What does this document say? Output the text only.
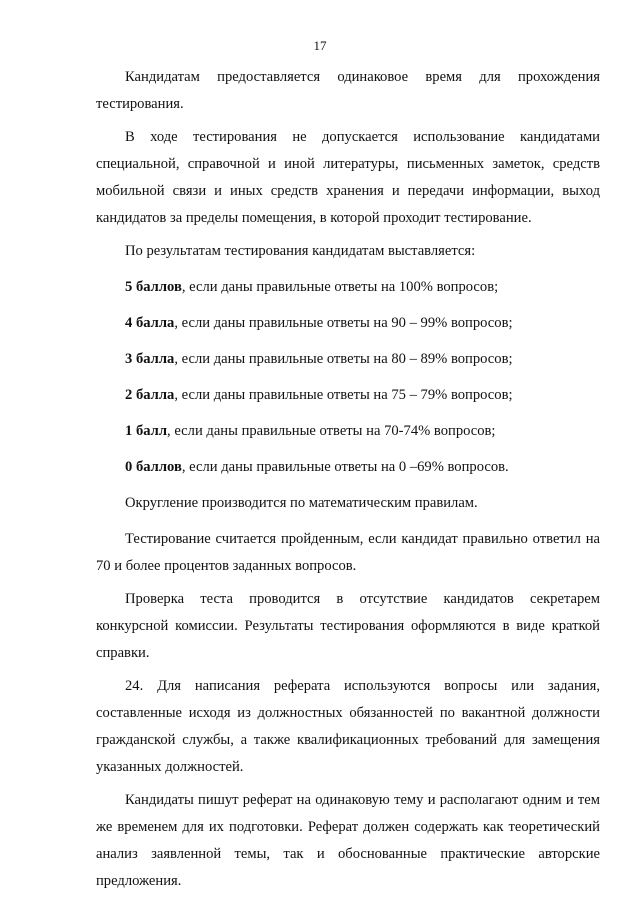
17

Кандидатам предоставляется одинаковое время для прохождения тестирования.

В ходе тестирования не допускается использование кандидатами специальной, справочной и иной литературы, письменных заметок, средств мобильной связи и иных средств хранения и передачи информации, выход кандидатов за пределы помещения, в которой проходит тестирование.

По результатам тестирования кандидатам выставляется:

5 баллов, если даны правильные ответы на 100% вопросов;

4 балла, если даны правильные ответы на 90 – 99% вопросов;

3 балла, если даны правильные ответы на 80 – 89% вопросов;

2 балла, если даны правильные ответы на 75 – 79% вопросов;

1 балл, если даны правильные ответы на 70-74% вопросов;

0 баллов, если даны правильные ответы на 0 –69% вопросов.

Округление производится по математическим правилам.

Тестирование считается пройденным, если кандидат правильно ответил на 70 и более процентов заданных вопросов.

Проверка теста проводится в отсутствие кандидатов секретарем конкурсной комиссии. Результаты тестирования оформляются в виде краткой справки.

24. Для написания реферата используются вопросы или задания, составленные исходя из должностных обязанностей по вакантной должности гражданской службы, а также квалификационных требований для замещения указанных должностей.

Кандидаты пишут реферат на одинаковую тему и располагают одним и тем же временем для их подготовки. Реферат должен содержать как теоретический анализ заявленной темы, так и обоснованные практические авторские предложения.
